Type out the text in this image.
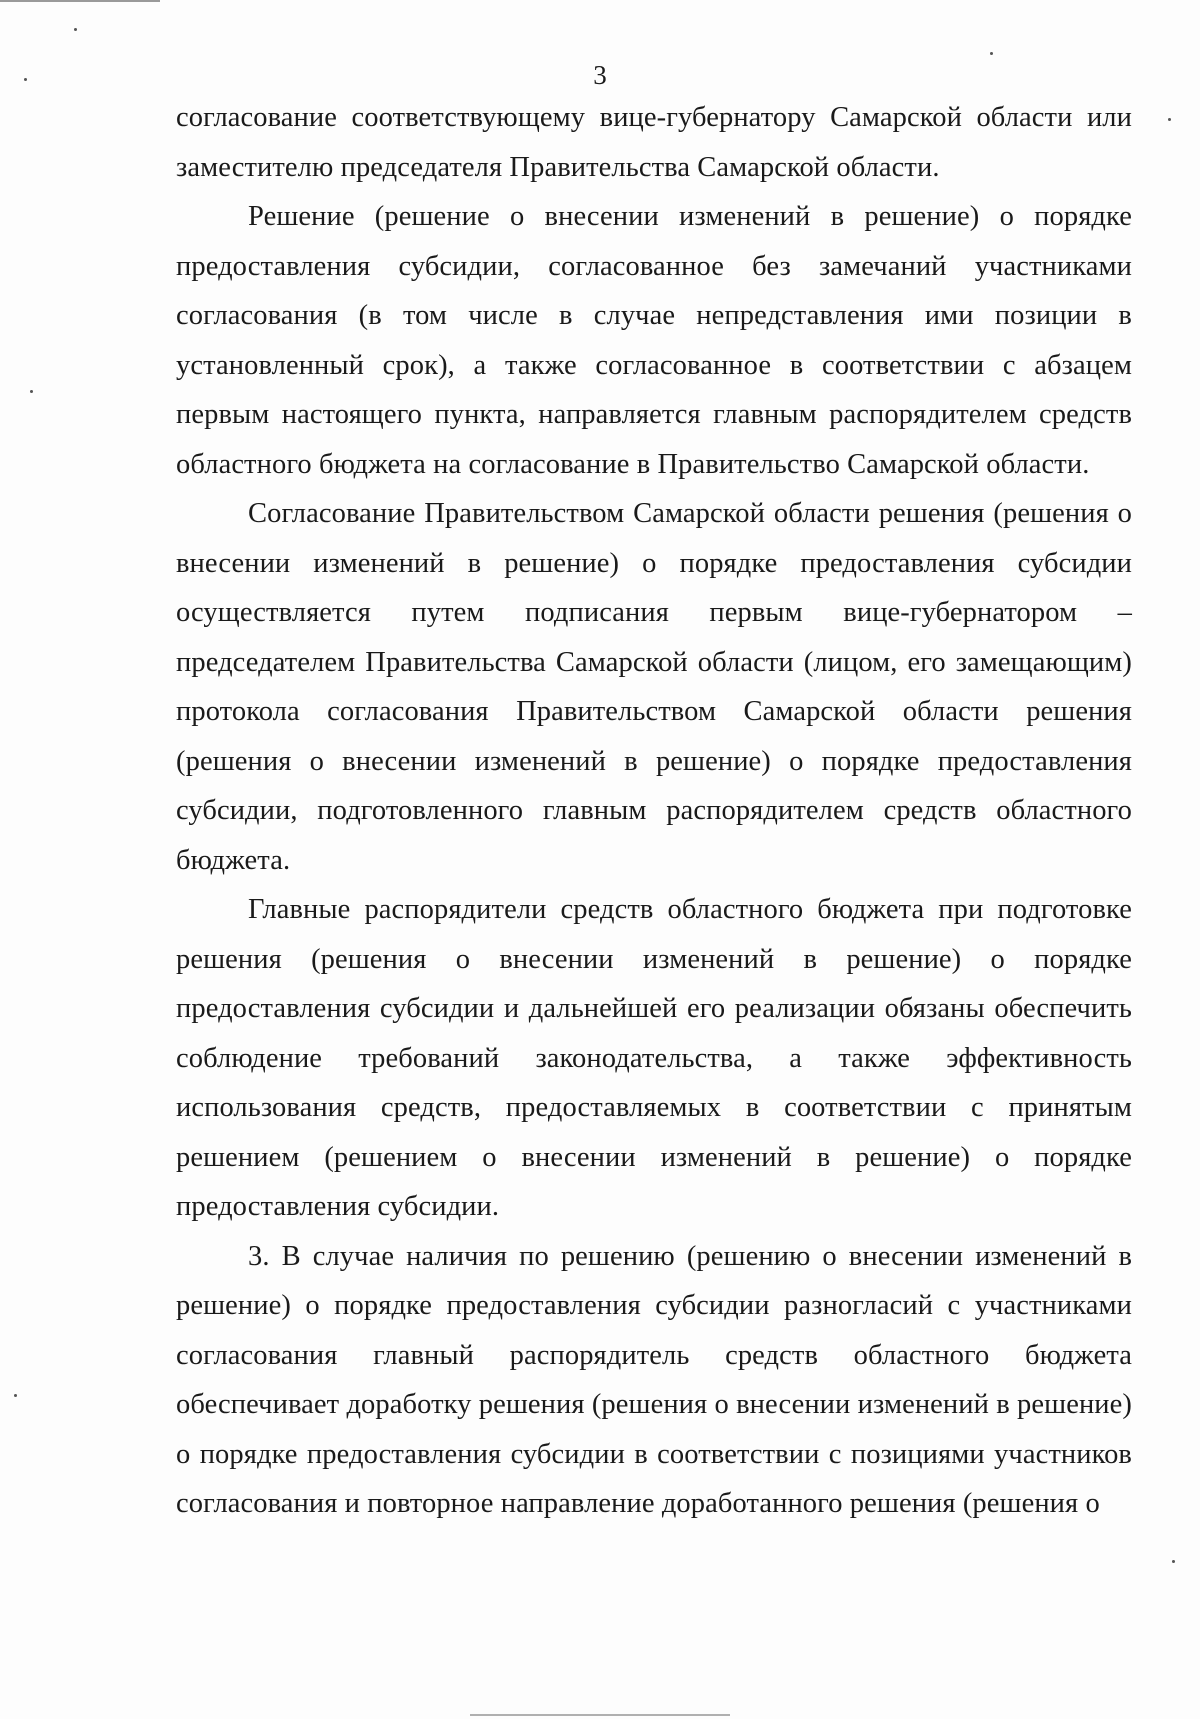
3

согласование соответствующему вице-губернатору Самарской области или заместителю председателя Правительства Самарской области.

Решение (решение о внесении изменений в решение) о порядке предоставления субсидии, согласованное без замечаний участниками согласования (в том числе в случае непредставления ими позиции в установленный срок), а также согласованное в соответствии с абзацем первым настоящего пункта, направляется главным распорядителем средств областного бюджета на согласование в Правительство Самарской области.

Согласование Правительством Самарской области решения (решения о внесении изменений в решение) о порядке предоставления субсидии осуществляется путем подписания первым вице-губернатором – председателем Правительства Самарской области (лицом, его замещающим) протокола согласования Правительством Самарской области решения (решения о внесении изменений в решение) о порядке предоставления субсидии, подготовленного главным распорядителем средств областного бюджета.

Главные распорядители средств областного бюджета при подготовке решения (решения о внесении изменений в решение) о порядке предоставления субсидии и дальнейшей его реализации обязаны обеспечить соблюдение требований законодательства, а также эффективность использования средств, предоставляемых в соответствии с принятым решением (решением о внесении изменений в решение) о порядке предоставления субсидии.

3. В случае наличия по решению (решению о внесении изменений в решение) о порядке предоставления субсидии разногласий с участниками согласования главный распорядитель средств областного бюджета обеспечивает доработку решения (решения о внесении изменений в решение) о порядке предоставления субсидии в соответствии с позициями участников согласования и повторное направление доработанного решения (решения о
